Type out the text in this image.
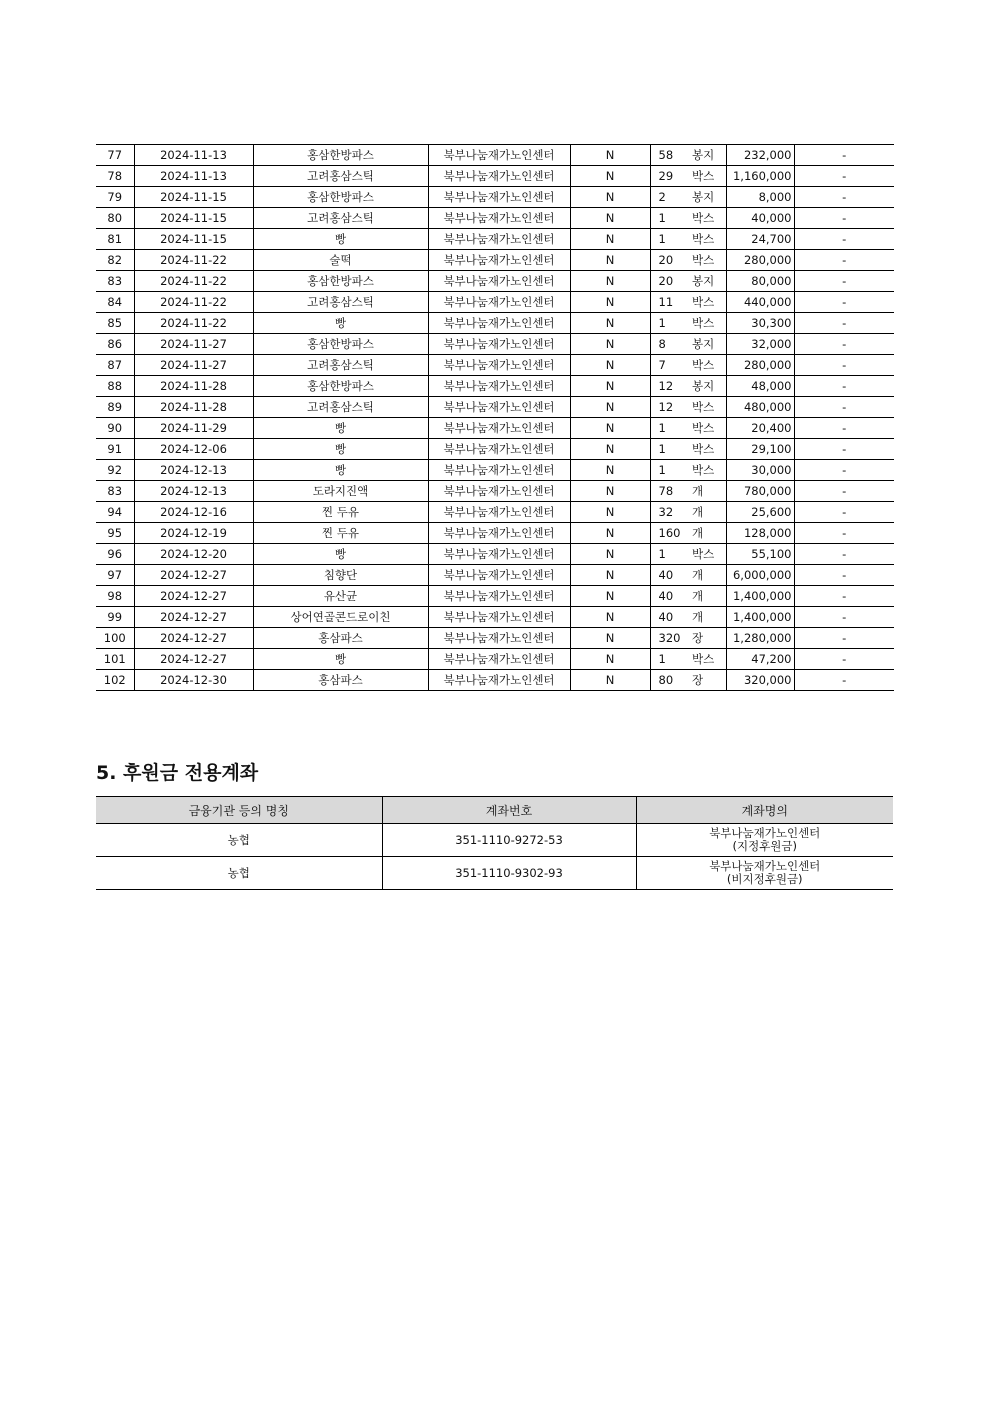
77	2024-11-13	홍삼한방파스	북부나눔재가노인센터	N	58	봉지	232,000	-
78	2024-11-13	고려홍삼스틱	북부나눔재가노인센터	N	29	박스	1,160,000	-
79	2024-11-15	홍삼한방파스	북부나눔재가노인센터	N	2	봉지	8,000	-
80	2024-11-15	고려홍삼스틱	북부나눔재가노인센터	N	1	박스	40,000	-
81	2024-11-15	빵	북부나눔재가노인센터	N	1	박스	24,700	-
82	2024-11-22	술떡	북부나눔재가노인센터	N	20	박스	280,000	-
83	2024-11-22	홍삼한방파스	북부나눔재가노인센터	N	20	봉지	80,000	-
84	2024-11-22	고려홍삼스틱	북부나눔재가노인센터	N	11	박스	440,000	-
85	2024-11-22	빵	북부나눔재가노인센터	N	1	박스	30,300	-
86	2024-11-27	홍삼한방파스	북부나눔재가노인센터	N	8	봉지	32,000	-
87	2024-11-27	고려홍삼스틱	북부나눔재가노인센터	N	7	박스	280,000	-
88	2024-11-28	홍삼한방파스	북부나눔재가노인센터	N	12	봉지	48,000	-
89	2024-11-28	고려홍삼스틱	북부나눔재가노인센터	N	12	박스	480,000	-
90	2024-11-29	빵	북부나눔재가노인센터	N	1	박스	20,400	-
91	2024-12-06	빵	북부나눔재가노인센터	N	1	박스	29,100	-
92	2024-12-13	빵	북부나눔재가노인센터	N	1	박스	30,000	-
83	2024-12-13	도라지진액	북부나눔재가노인센터	N	78	개	780,000	-
94	2024-12-16	찐 두유	북부나눔재가노인센터	N	32	개	25,600	-
95	2024-12-19	찐 두유	북부나눔재가노인센터	N	160	개	128,000	-
96	2024-12-20	빵	북부나눔재가노인센터	N	1	박스	55,100	-
97	2024-12-27	침향단	북부나눔재가노인센터	N	40	개	6,000,000	-
98	2024-12-27	유산균	북부나눔재가노인센터	N	40	개	1,400,000	-
99	2024-12-27	상어연골콘드로이친	북부나눔재가노인센터	N	40	개	1,400,000	-
100	2024-12-27	홍삼파스	북부나눔재가노인센터	N	320	장	1,280,000	-
101	2024-12-27	빵	북부나눔재가노인센터	N	1	박스	47,200	-
102	2024-12-30	홍삼파스	북부나눔재가노인센터	N	80	장	320,000	-
5. 후원금 전용계좌
금융기관 등의 명칭	계좌번호	계좌명의
농협	351-1110-9272-53	북부나눔재가노인센터
(지정후원금)

농협	351-1110-9302-93	북부나눔재가노인센터
(비지정후원금)
